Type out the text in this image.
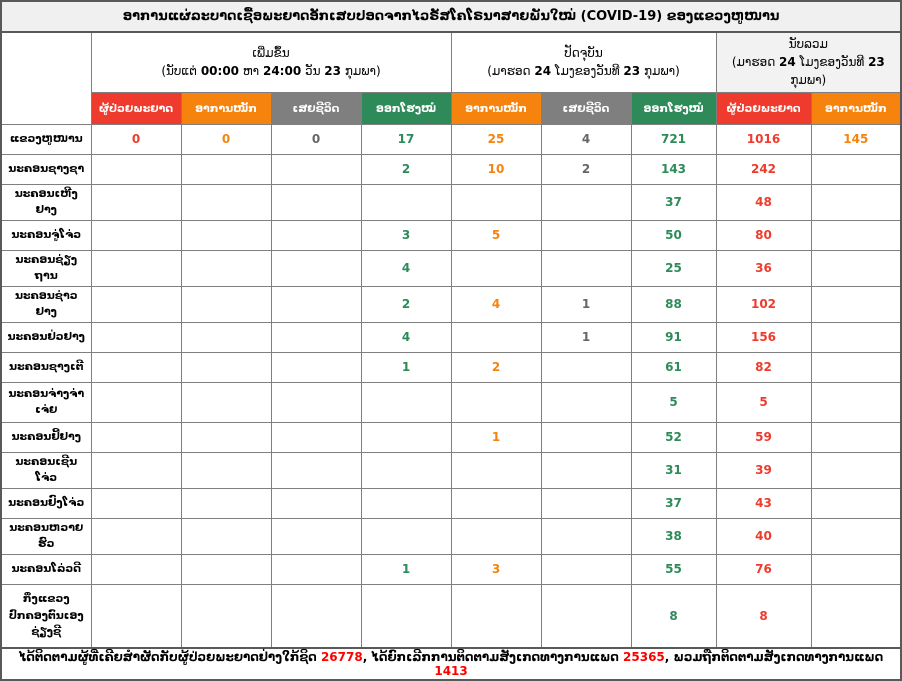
ອາການແຜ່ລະບາດເຊື້ອພະຍາດອັກເສບປອດຈາກໄວຣັສໂຄໂຣນາສາຍພັນໃໝ່ (COVID-19) ຂອງແຂວງຫູໜານ									

ເພີ່ມຂຶ້ນ
(ນັບແຕ່ 00:00 ຫາ 24:00 ວັນ 23 ກຸມພາ)

ປັດຈຸບັນ
(ມາຮອດ 24 ໂມງຂອງວັນທີ 23 ກຸມພາ)

ນັບລວມ
(ມາຮອດ 24 ໂມງຂອງວັນທີ 23 ກຸມພາ)

	ຜູ້ປ່ວຍພະຍາດ	ອາການໜັກ	ເສຍຊີວິດ	ອອກໂຮງໝໍ	ອາການໜັກ	ເສຍຊີວິດ	ອອກໂຮງໝໍ	ຜູ້ປ່ວຍພະຍາດ	ອາການໜັກ
ແຂວງຫູໜານ	0	0	0	17	25	4	721	1016	145
ນະຄອນຊາງຊາ				2	10	2	143	242	
ນະຄອນເຫີງຢາງ							37	48	
ນະຄອນຈູ່ໂຈ່ວ				3	5		50	80	
ນະຄອນຊ່ຽງຖານ				4			25	36	
ນະຄອນຊ່າວຢາງ				2	4	1	88	102	
ນະຄອນຢ່ວຢາງ				4		1	91	156	
ນະຄອນຊາງເຕີ				1	2		61	82	
ນະຄອນຈ່າງຈ່າເຈ່ຍ							5	5	
ນະຄອນຢີ້ຢາງ					1		52	59	
ນະຄອນເຊີນໂຈ່ວ							31	39	
ນະຄອນຢົງໂຈ່ວ							37	43	
ນະຄອນຫວາຍຮົວ							38	40	
ນະຄອນໂລ່ວດີ				1	3		55	76	
ກິ່ງແຂວງປົກຄອງຕົນເອງຊ່ຽງຊີ							8	8	
ໄດ້ຕິດຕາມຜູ້ທີ່ເຄີຍສຳຜັດກັບຜູ້ປ່ວຍພະຍາດຢ່າງໃກ້ຊິດ 26778, ໄດ້ຍົກເລີກການຕິດຕາມສັງເກດທາງການແພດ 25365, ພວມຖືກຕິດຕາມສັງເກດທາງການແພດ 1413									
